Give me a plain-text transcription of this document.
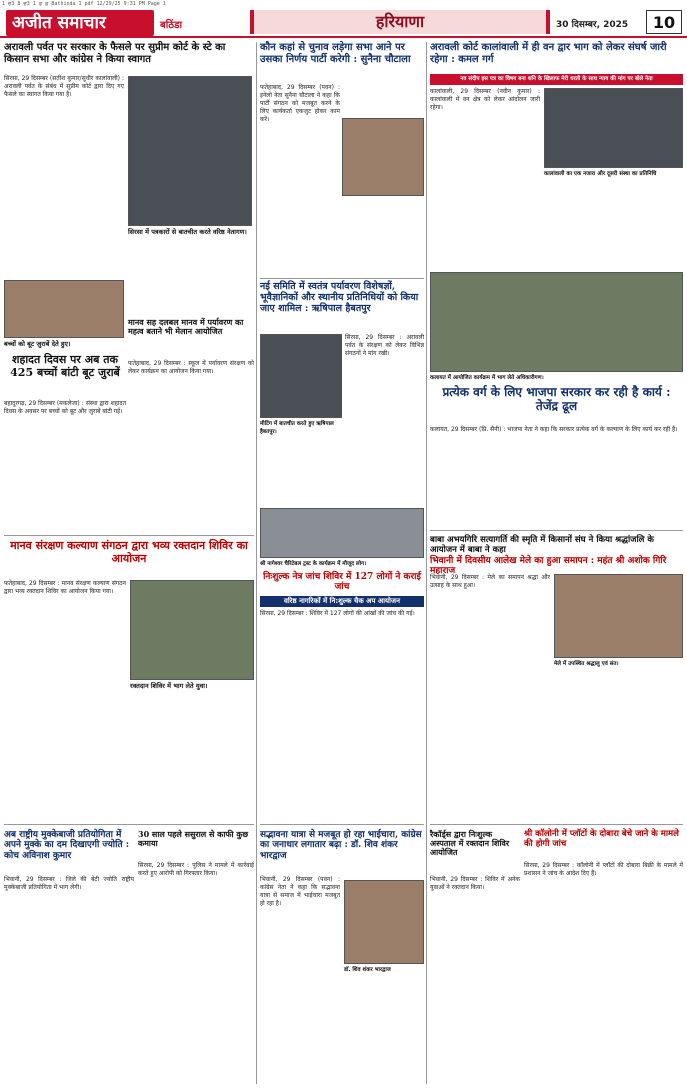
1 ਚ3 8 ਚ3 1 ਫ਼ ਫ਼ Bathinda 1 pdf 12/29/25 9:31 PM Page 1
अजीत समाचार	बठिंडा	हरियाणा	30 दिसम्बर, 2025	10
अरावली पर्वत पर सरकार के फैसले पर सुप्रीम कोर्ट के स्टे का किसान सभा और कांग्रेस ने किया स्वागत

सिरसा, 29 दिसम्बर (सतीश कुमार/सुधीर कालांवाली) : अरावली पर्वत के संबंध में सुप्रीम कोर्ट द्वारा दिए गए फैसले का स्वागत किया गया है।

सिरसा में पत्रकारों से बातचीत करते वरिष्ठ नेतागण।
बच्चों को बूट जुराबें देते हुए।
मानव सह दलबल मानव में पर्यावरण का महत्व बताने भी मेलान आयोजित

फतेहाबाद, 29 दिसम्बर : स्कूल में पर्यावरण संरक्षण को लेकर कार्यक्रम का आयोजन किया गया।

शहादत दिवस पर अब तक 425 बच्चों बांटी बूट जुराबें

बहादुरगढ़, 29 दिसम्बर (मकलेजा) : संस्था द्वारा शहादत दिवस के अवसर पर बच्चों को बूट और जुराबें बांटी गई।

मानव संरक्षण कल्याण संगठन द्वारा भव्य रक्तदान शिविर का आयोजन

फतेहाबाद, 29 दिसम्बर : मानव संरक्षण कल्याण संगठन द्वारा भव्य रक्तदान शिविर का आयोजन किया गया।

रक्तदान शिविर में भाग लेते युवा।
अब राष्ट्रीय मुक्केबाजी प्रतियोगिता में अपने मुक्के का दम दिखाएगी ज्योति : कोच अविनाश कुमार

भिवानी, 29 दिसम्बर : जिले की बेटी ज्योति राष्ट्रीय मुक्केबाजी प्रतियोगिता में भाग लेगी।

30 साल पहले ससुराल से काफी कुछ कमाया

सिरसा, 29 दिसम्बर : पुलिस ने मामले में कार्रवाई करते हुए आरोपी को गिरफ्तार किया।

कौन कहां से चुनाव लड़ेगा सभा आने पर उसका निर्णय पार्टी करेगी : सुनैना चौटाला

फतेहाबाद, 29 दिसम्बर (पवन) : इनेलो नेता सुनैना चौटाला ने कहा कि पार्टी संगठन को मजबूत करने के लिए कार्यकर्ता एकजुट होकर काम करें।

नई समिति में स्वतंत्र पर्यावरण विशेषज्ञों, भूवैज्ञानिकों और स्थानीय प्रतिनिधियों को किया जाए शामिल : ऋषिपाल हैबतपुर
मीटिंग में बातचीत करते हुए ऋषिपाल हैबतपुर।

सिरसा, 29 दिसम्बर : अरावली पर्वत के संरक्षण को लेकर विभिन्न संगठनों ने मांग रखी।

श्री नागेश्वर चैरिटेबल ट्रस्ट के कार्यक्रम में मौजूद लोग।
निःशुल्क नेत्र जांच शिविर में 127 लोगों ने कराई जांच
वरिष्ठ नागरिकों में नि:शुल्क चैक अप आयोजन

सिरसा, 29 दिसम्बर : शिविर में 127 लोगों की आंखों की जांच की गई।

सद्भावना यात्रा से मजबूत हो रहा भाईचारा, कांग्रेस का जनाधार लगातार बढ़ा : डॉ. शिव शंकर भारद्वाज

भिवानी, 29 दिसम्बर (पवन) : कांग्रेस नेता ने कहा कि सद्भावना यात्रा से समाज में भाईचारा मजबूत हो रहा है।

डॉ. शिव शंकर भारद्वाज
अरावली कोर्ट कालांवाली में ही वन द्वार भाग को लेकर संघर्ष जारी रहेगा : कमल गर्ग
नव संदीप इस पत्र का विषय बना शनि के खिलाफ मेरी धरती के साथ न्याय की मांग पर बोले नेता

कालांवाली, 29 दिसम्बर (नवीन कुमार) : कालांवाली में वन क्षेत्र को लेकर आंदोलन जारी रहेगा।

कालांवाली का एक नजारा और दूसरी संस्था का प्रतिनिधि
कलायत में आयोजित कार्यक्रम में भाग लेते अधिकारीगण।
प्रत्येक वर्ग के लिए भाजपा सरकार कर रही है कार्य : तेजेंद्र ढूल

कलायत, 29 दिसम्बर (प्रि. सैनी) : भाजपा नेता ने कहा कि सरकार प्रत्येक वर्ग के कल्याण के लिए कार्य कर रही है।

बाबा अभयगिरि सत्यागर्ति की स्मृति में किसानों संघ ने किया श्रद्धांजलि के आयोजन में बाबा ने कहा
भिवानी में दिवसीय आलेख मेले का हुआ समापन : महंत श्री अशोक गिरि महाराज

भिवानी, 29 दिसम्बर : मेले का समापन श्रद्धा और उत्साह के साथ हुआ।

मेले में उपस्थित श्रद्धालु एवं संत।
रैकॉर्ड्स द्वारा निःशुल्क अस्पताल में रक्तदान शिविर आयोजित

भिवानी, 29 दिसम्बर : शिविर में अनेक युवाओं ने रक्तदान किया।

श्री कॉलोनी में प्लॉटों के दोबारा बेचे जाने के मामले की होगी जांच

सिरसा, 29 दिसम्बर : कॉलोनी में प्लॉटों की दोबारा बिक्री के मामले में प्रशासन ने जांच के आदेश दिए हैं।
